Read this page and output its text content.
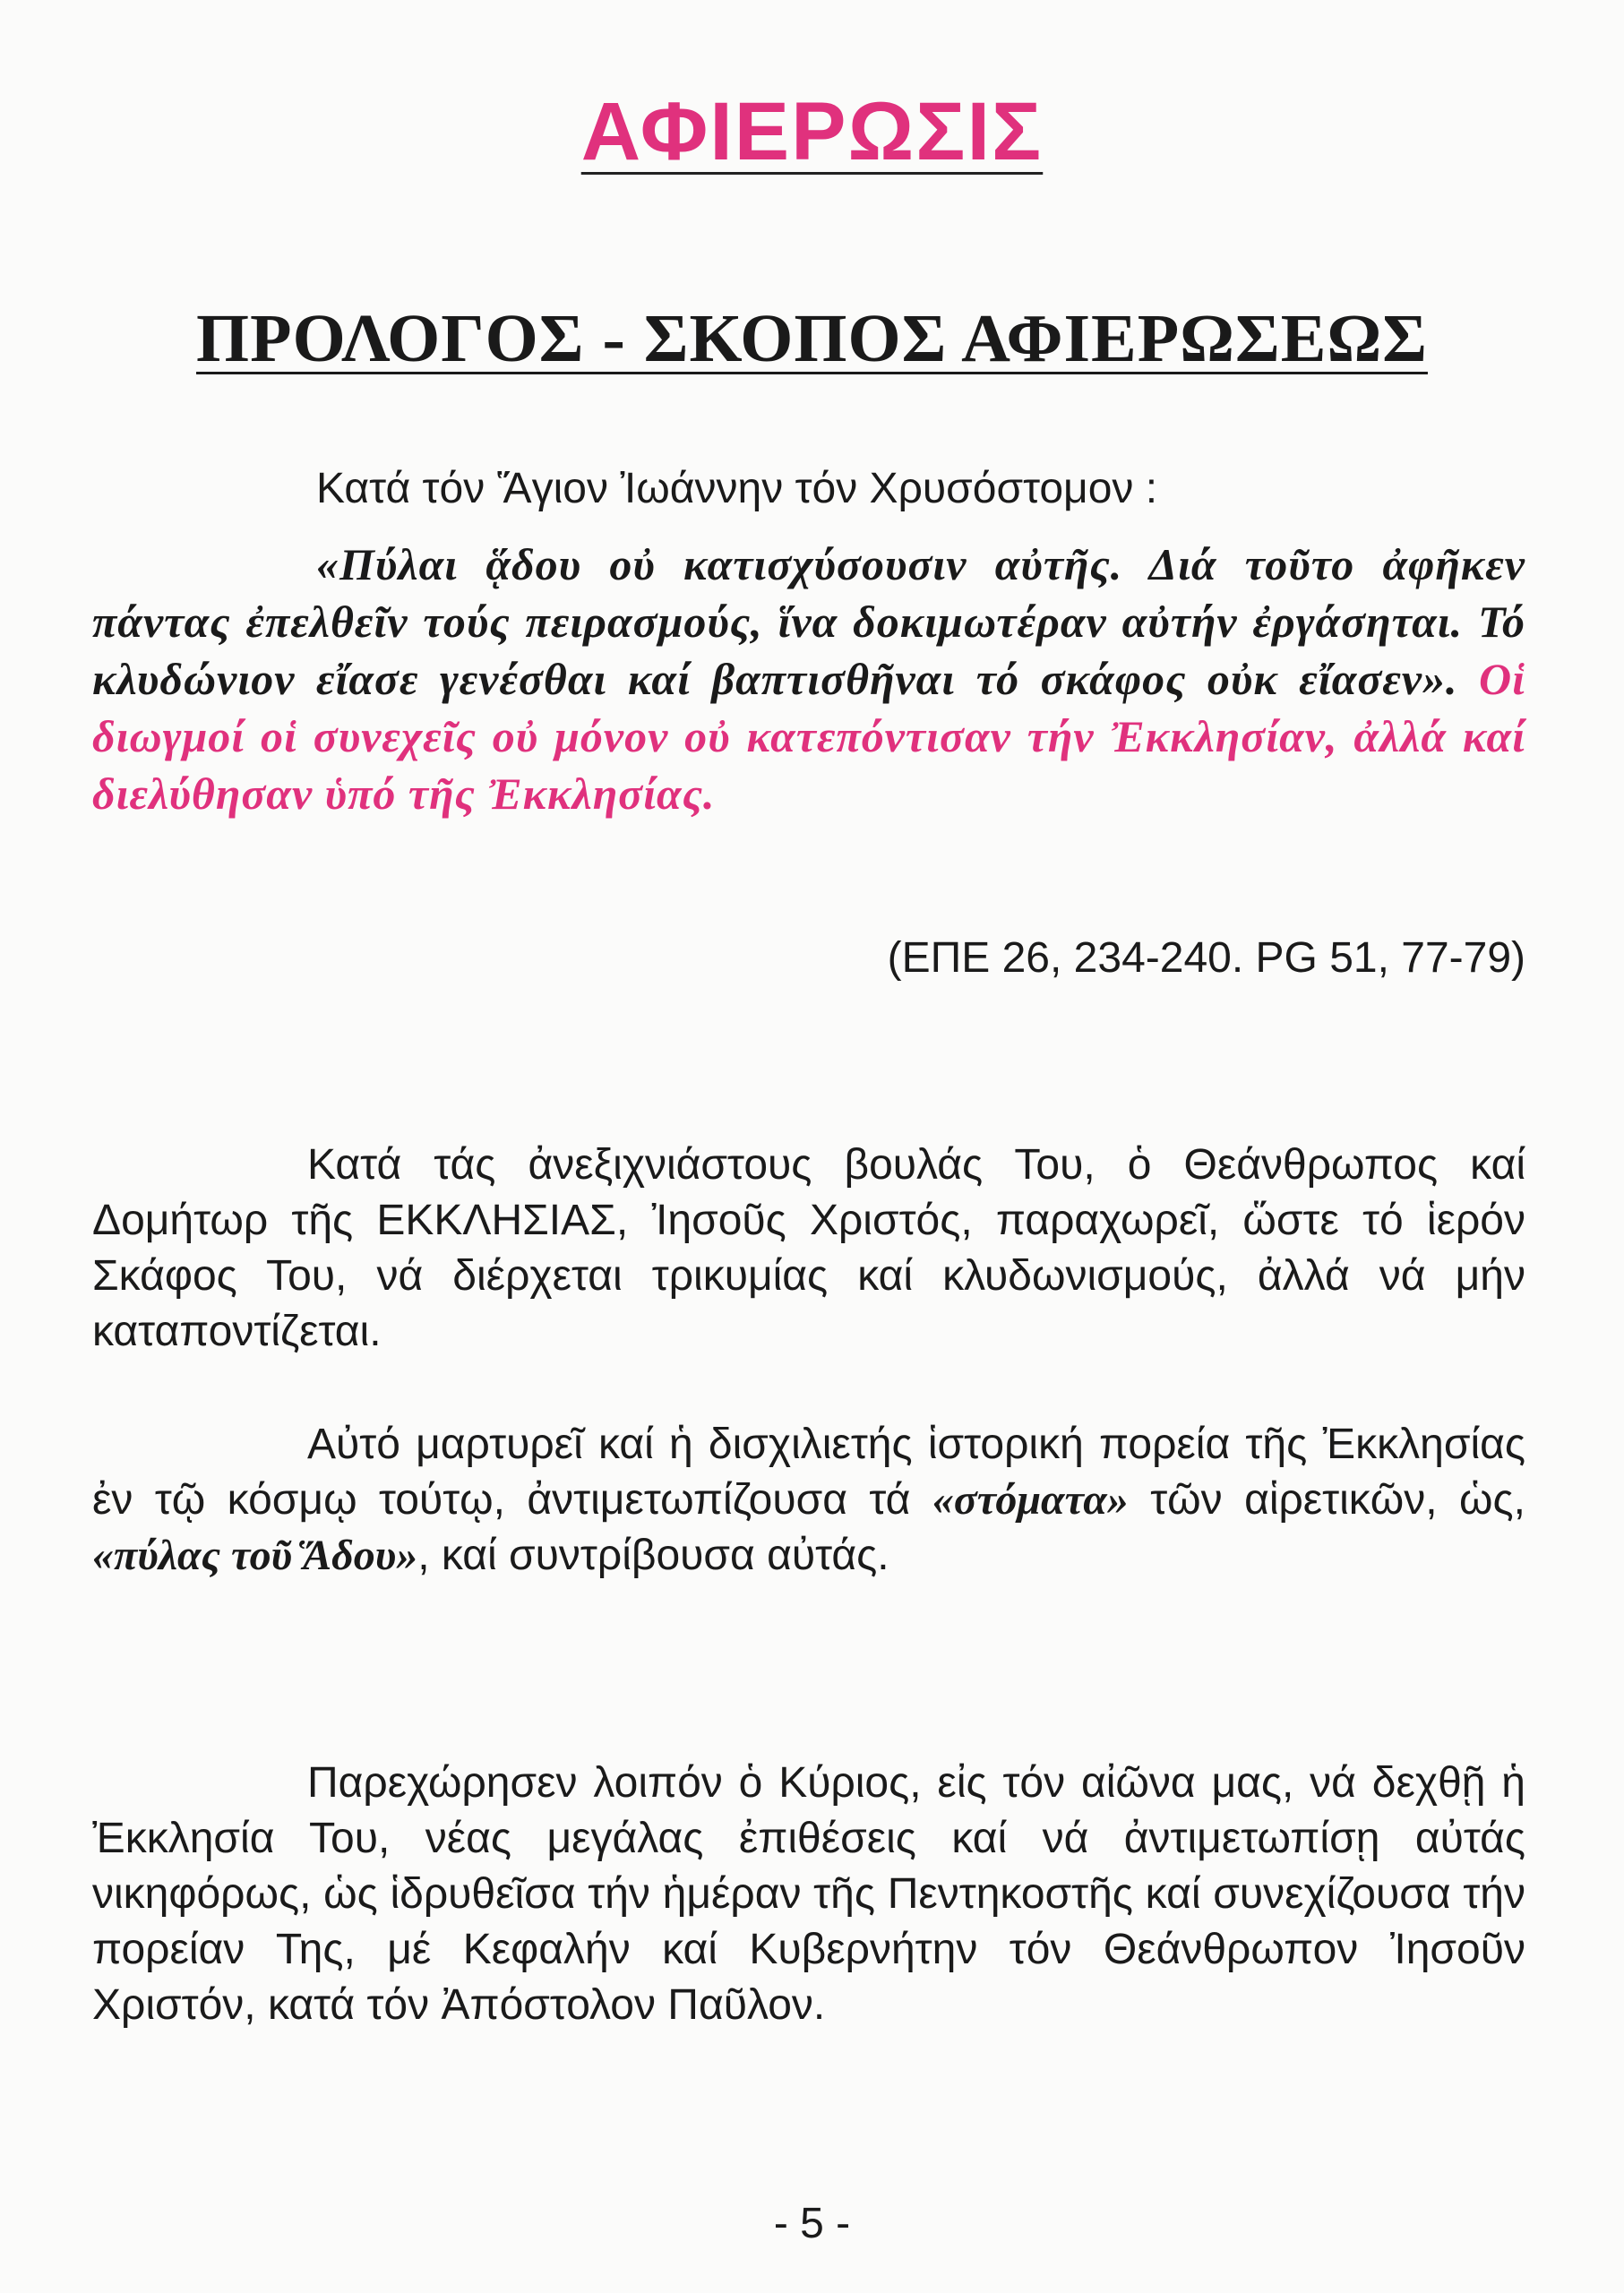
ΑΦΙΕΡΩΣΙΣ
ΠΡΟΛΟΓΟΣ - ΣΚΟΠΟΣ ΑΦΙΕΡΩΣΕΩΣ
Κατά τόν Ἅγιον Ἰωάννην τόν Χρυσόστομον :
«Πύλαι ᾅδου οὐ κατισχύσουσιν αὐτῆς. Διά τοῦτο ἀφῆκεν πάντας ἐπελθεῖν τούς πειρασμούς, ἵνα δοκιμωτέραν αὐτήν ἐργάσηται. Τό κλυδώνιον εἴασε γενέσθαι καί βαπτισθῆναι τό σκάφος οὐκ εἴασεν». Οἱ διωγμοί οἱ συνεχεῖς οὐ μόνον οὐ κατεπόντισαν τήν Ἐκκλησίαν, ἀλλά καί διελύθησαν ὑπό τῆς Ἐκκλησίας.
(ΕΠΕ 26, 234-240. PG 51, 77-79)
Κατά τάς ἀνεξιχνιάστους βουλάς Του, ὁ Θεάνθρωπος καί Δομήτωρ τῆς ΕΚΚΛΗΣΙΑΣ, Ἰησοῦς Χριστός, παραχωρεῖ, ὥστε τό ἱερόν Σκάφος Του, νά διέρχεται τρικυμίας καί κλυδωνισμούς, ἀλλά νά μήν καταποντίζεται.
Αὐτό μαρτυρεῖ καί ἡ δισχιλιετής ἱστορική πορεία τῆς Ἐκκλησίας ἐν τῷ κόσμῳ τούτῳ, ἀντιμετωπίζουσα τά «στόματα» τῶν αἱρετικῶν, ὡς, «πύλας τοῦ Ἅδου», καί συντρίβουσα αὐτάς.
Παρεχώρησεν λοιπόν ὁ Κύριος, εἰς τόν αἰῶνα μας, νά δεχθῇ ἡ Ἐκκλησία Του, νέας μεγάλας ἐπιθέσεις καί νά ἀντιμετωπίσῃ αὐτάς νικηφόρως, ὡς ἱδρυθεῖσα τήν ἡμέραν τῆς Πεντηκοστῆς καί συνεχίζουσα τήν πορείαν Της, μέ Κεφαλήν καί Κυβερνήτην τόν Θεάνθρωπον Ἰησοῦν Χριστόν, κατά τόν Ἀπόστολον Παῦλον.
- 5 -
